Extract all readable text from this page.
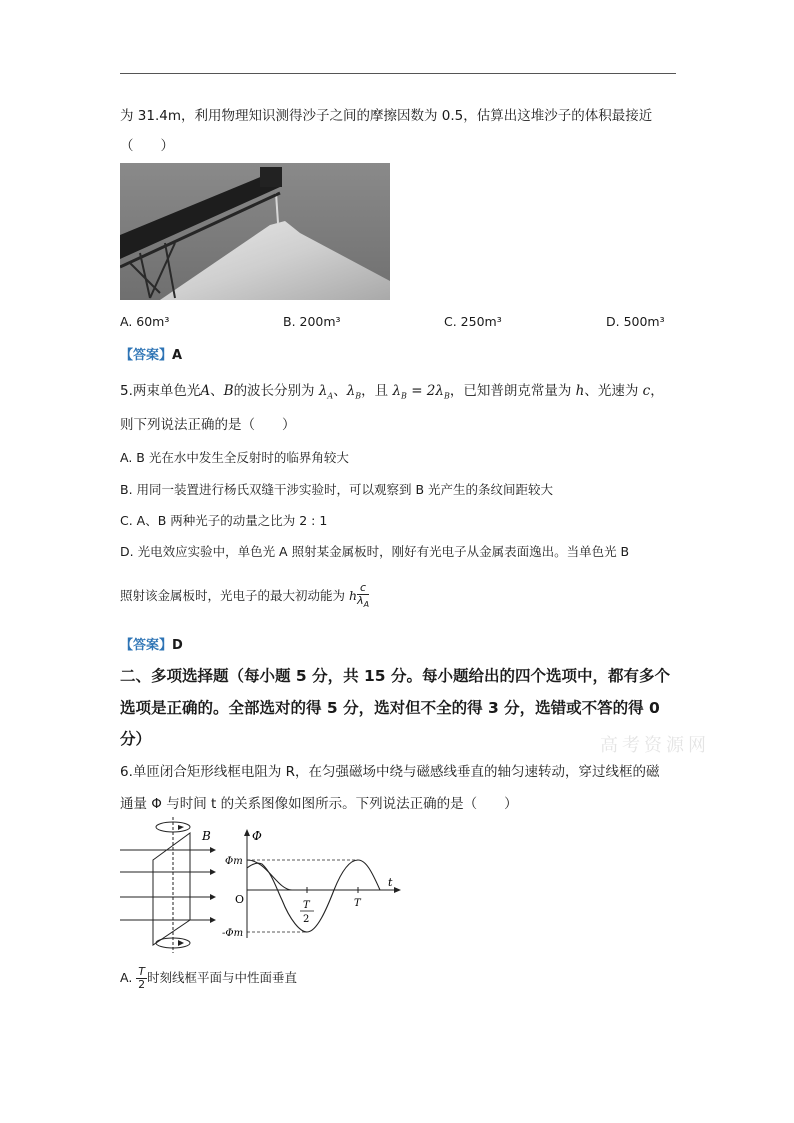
为 31.4m，利用物理知识测得沙子之间的摩擦因数为 0.5，估算出这堆沙子的体积最接近
（　　）
A. 60m³	B. 200m³	C. 250m³	D. 500m³
【答案】A
5.两束单色光A、B的波长分别为 $\lambda_A$、$\lambda_B$，且 $\lambda_B = 2\lambda_B$，已知普朗克常量为 h、光速为 c，
则下列说法正确的是（　　）
A. B 光在水中发生全反射时的临界角较大
B. 用同一装置进行杨氏双缝干涉实验时，可以观察到 B 光产生的条纹间距较大
C. A、B 两种光子的动量之比为 2 : 1
D. 光电效应实验中，单色光 A 照射某金属板时，刚好有光电子从金属表面逸出。当单色光 B
照射该金属板时，光电子的最大初动能为 h $\frac{c}{\lambda_A}$
【答案】D
二、多项选择题（每小题 5 分，共 15 分。每小题给出的四个选项中，都有多个
选项是正确的。全部选对的得 5 分，选对但不全的得 3 分，选错或不答的得 0
分）	高考资源网
6.单匝闭合矩形线框电阻为 R，在匀强磁场中绕与磁感线垂直的轴匀速转动，穿过线框的磁
通量 Φ 与时间 t 的关系图像如图所示。下列说法正确的是（　　）
B	Φ
Φm
-Φm
O
t
T
2
T
A. $\frac{T}{2}$ 时刻线框平面与中性面垂直
